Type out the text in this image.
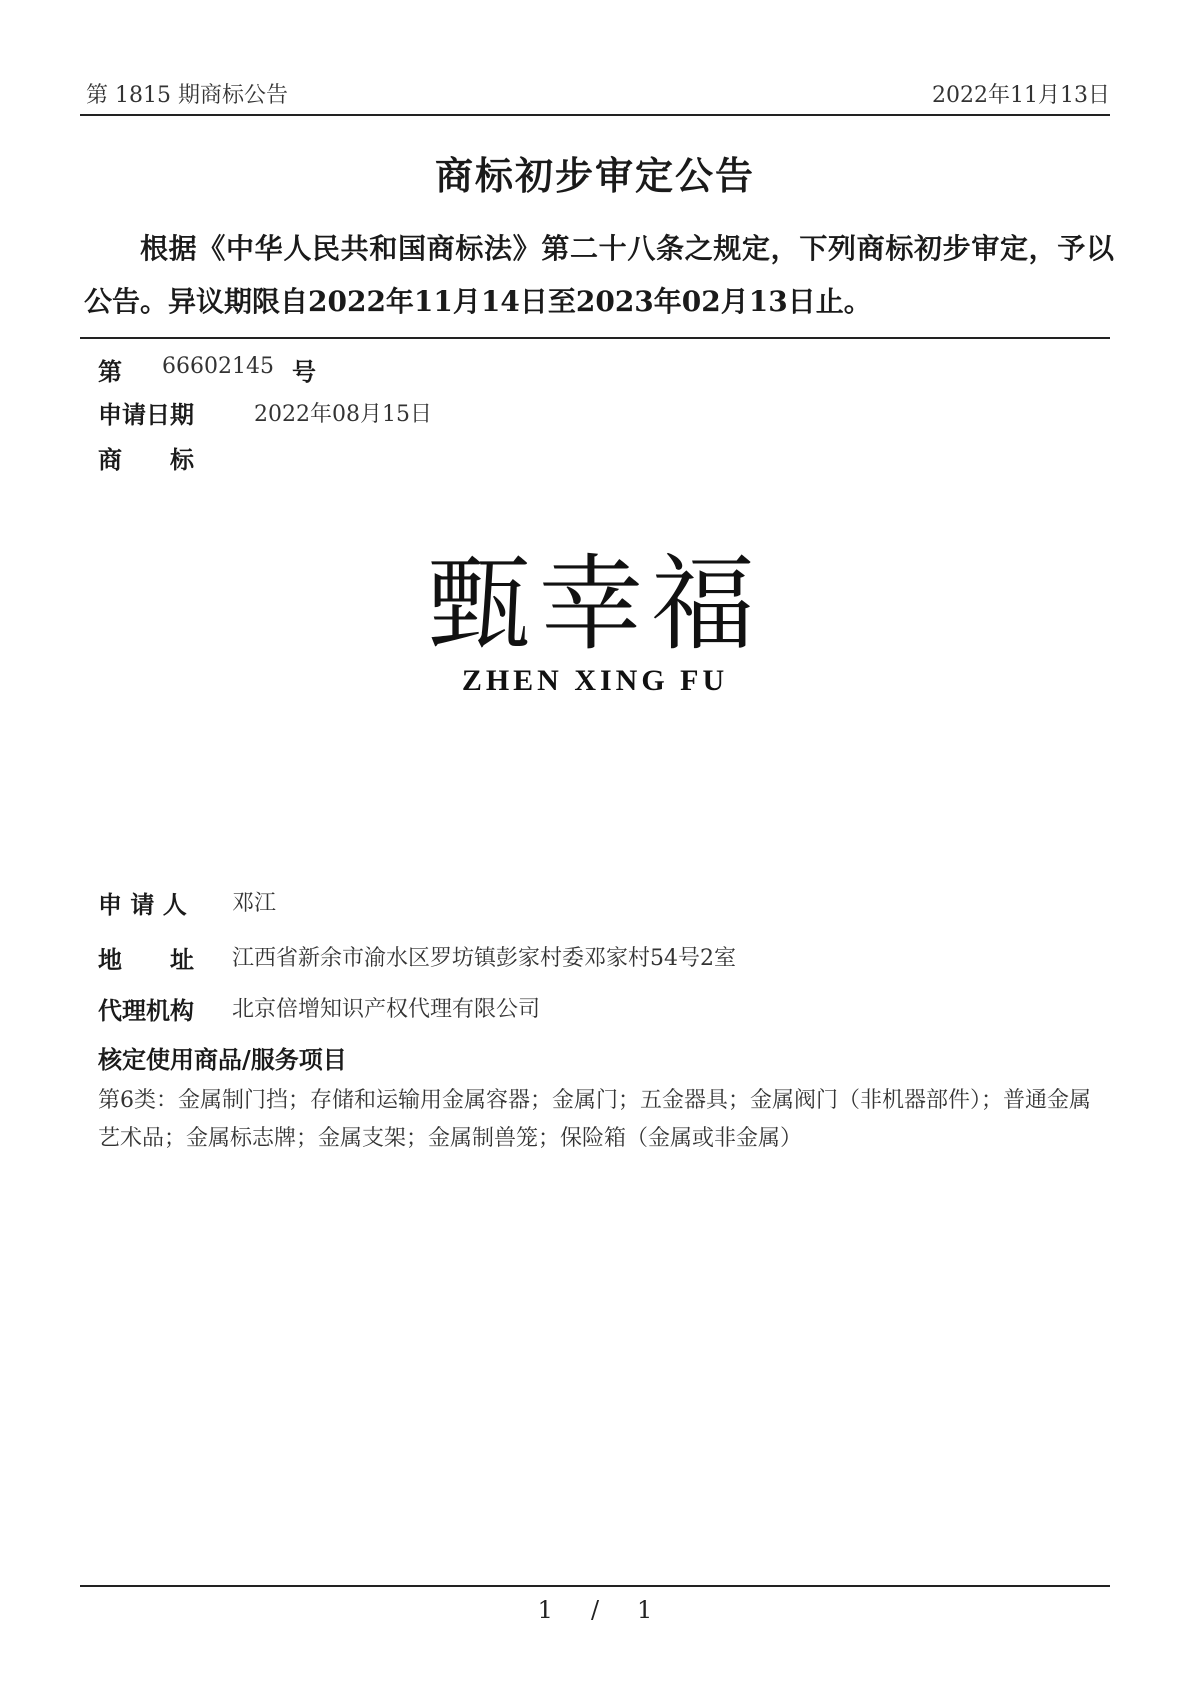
第 1815 期商标公告	2022年11月13日
商标初步审定公告
根据《中华人民共和国商标法》第二十八条之规定，下列商标初步审定，予以公告。异议期限自2022年11月14日至2023年02月13日止。
第 66602145 号
申请日期	2022年08月15日
商　　标
甄幸福
ZHEN XING FU
申 请 人 邓江
地　　址 江西省新余市渝水区罗坊镇彭家村委邓家村54号2室
代理机构 北京倍增知识产权代理有限公司
核定使用商品/服务项目
第6类：金属制门挡；存储和运输用金属容器；金属门；五金器具；金属阀门（非机器部件）；普通金属艺术品；金属标志牌；金属支架；金属制兽笼；保险箱（金属或非金属）
1 / 1
